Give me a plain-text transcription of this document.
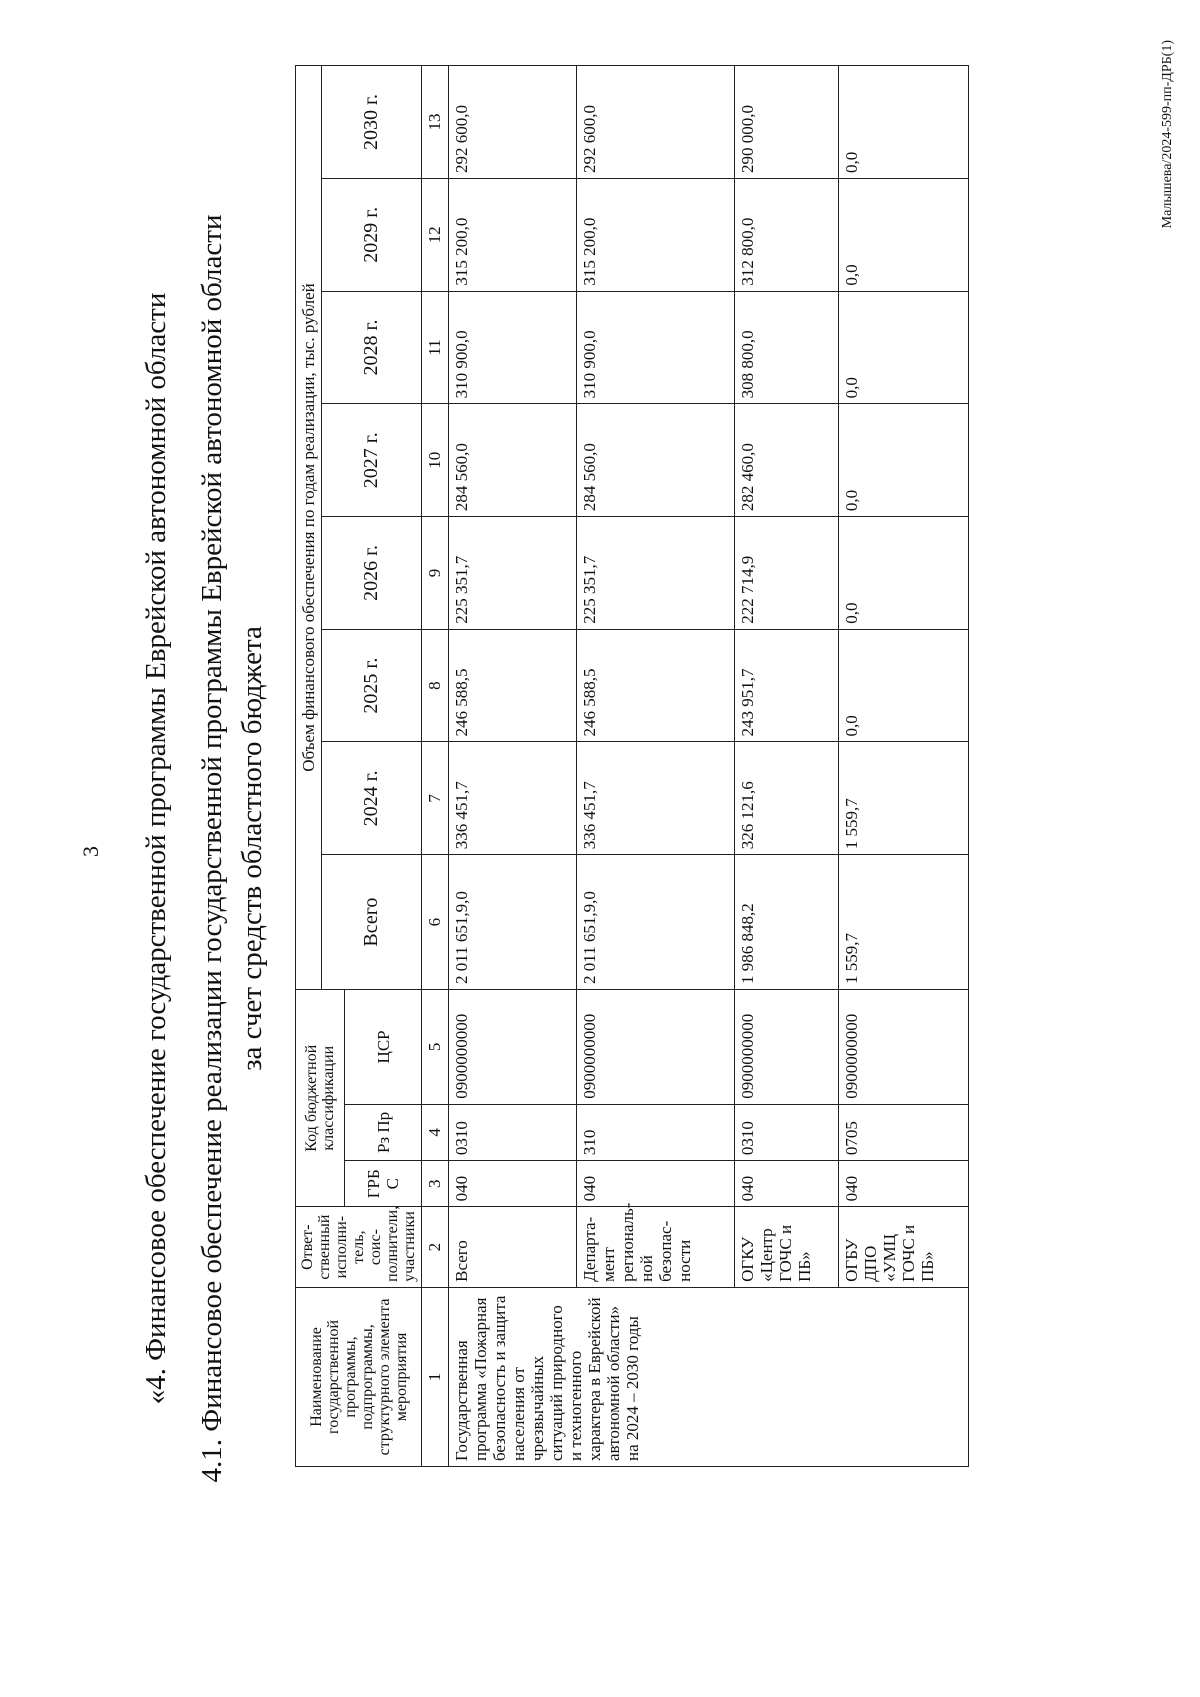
3 «4. Финансовое обеспечение государственной программы Еврейской автономной области 4.1. Финансовое обеспечение реализации государственной программы Еврейской автономной области за счет средств областного бюджета
Наименование государственной программы, подпрограммы, структурного элемента мероприятия	Ответ-ственный исполни-тель, соис-полнители, участники	Код бюджетной классификации			Объем финансового обеспечения по годам реализации, тыс. рублей							
					Всего	2024 г.	2025 г.	2026 г.	2027 г.	2028 г.	2029 г.	2030 г.
		ГРБ С	Рз Пр	ЦСР								
1	2	3	4	5	6	7	8	9	10	11	12	13
Государственная программа «Пожарная безопасность и защита населения от чрезвычайных ситуаций природного и техногенного характера в Еврейской автономной области» на 2024 – 2030 годы	Всего	040	0310	0900000000	2 011 651,9,0	336 451,7	246 588,5	225 351,7	284 560,0	310 900,0	315 200,0	292 600,0
	Департа-мент региональ-ной безопас-ности	040	310	0900000000	2 011 651,9,0	336 451,7	246 588,5	225 351,7	284 560,0	310 900,0	315 200,0	292 600,0
	ОГКУ «Центр ГОЧС и ПБ»	040	0310	0900000000	1 986 848,2	326 121,6	243 951,7	222 714,9	282 460,0	308 800,0	312 800,0	290 000,0
	ОГБУ ДПО «УМЦ ГОЧС и ПБ»	040	0705	0900000000	1 559,7	1 559,7	0,0	0,0	0,0	0,0	0,0	0,0	Малышева/2024-599-пп-ДРБ(1)
